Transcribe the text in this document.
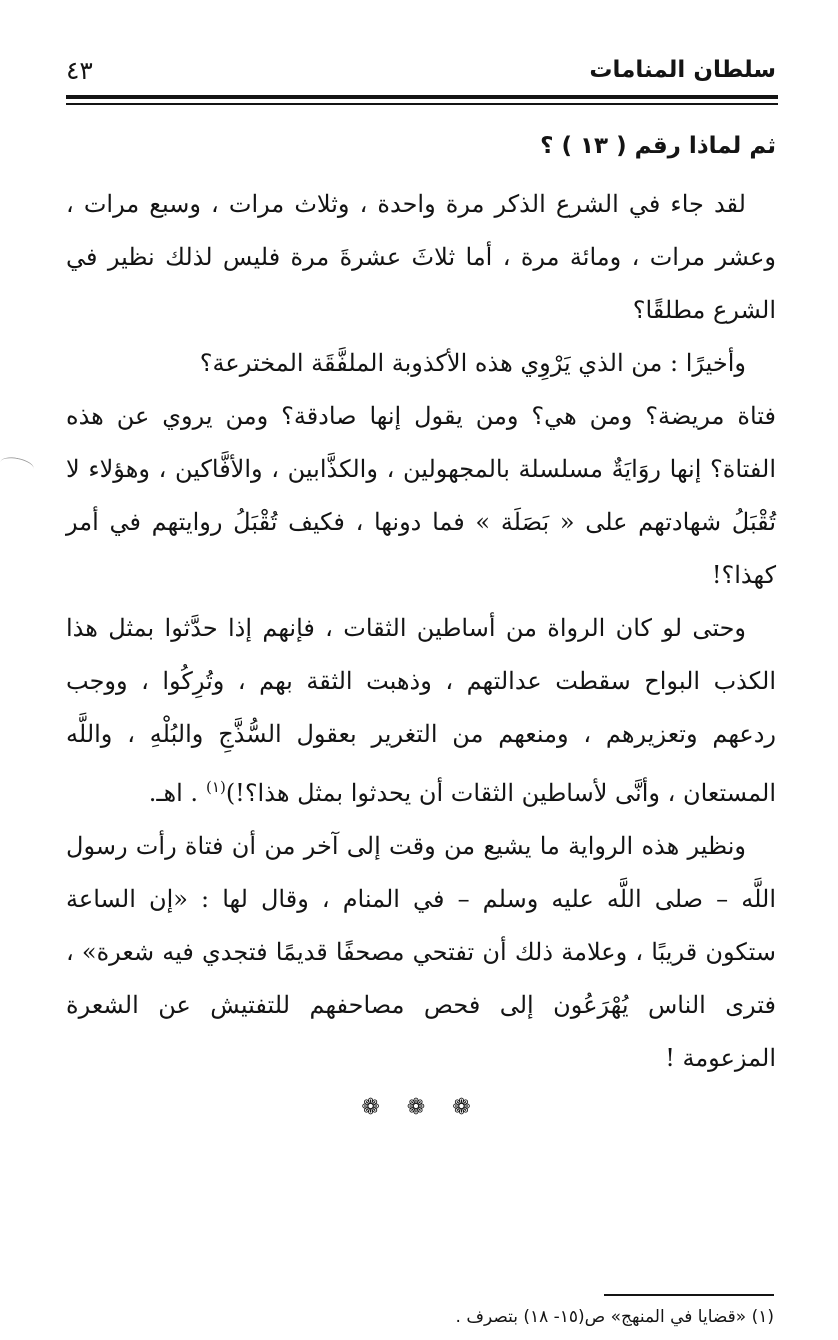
سلطان المنامات
٤٣
ثم لماذا رقم ( ١٣ ) ؟

لقد جاء في الشرع الذكر مرة واحدة ، وثلاث مرات ، وسبع مرات ، وعشر مرات ، ومائة مرة ، أما ثلاثَ عشرةَ مرة فليس لذلك نظير في الشرع مطلقًا؟

وأخيرًا : من الذي يَرْوِي هذه الأكذوبة الملفَّقَة المخترعة؟

فتاة مريضة؟ ومن هي؟ ومن يقول إنها صادقة؟ ومن يروي عن هذه الفتاة؟ إنها روَايَةٌ مسلسلة بالمجهولين ، والكذَّابين ، والأفَّاكين ، وهؤلاء لا تُقْبَلُ شهادتهم على « بَصَلَة » فما دونها ، فكيف تُقْبَلُ روايتهم في أمر كهذا؟!

وحتى لو كان الرواة من أساطين الثقات ، فإنهم إذا حدَّثوا بمثل هذا الكذب البواح سقطت عدالتهم ، وذهبت الثقة بهم ، وتُرِكُوا ، ووجب ردعهم وتعزيرهم ، ومنعهم من التغرير بعقول السُّذَّجِ والبُلْهِ ، واللَّه المستعان ، وأنَّى لأساطين الثقات أن يحدثوا بمثل هذا؟!)$^{(١)}$. اهـ.

ونظير هذه الرواية ما يشيع من وقت إلى آخر من أن فتاة رأت رسول اللَّه – صلى اللَّه عليه وسلم – في المنام ، وقال لها : «إن الساعة ستكون قريبًا ، وعلامة ذلك أن تفتحي مصحفًا قديمًا فتجدي فيه شعرة» ، فترى الناس يُهْرَعُون إلى فحص مصاحفهم للتفتيش عن الشعرة المزعومة !

❁ ❁ ❁
(١) «قضايا في المنهج» ص(١٥- ١٨) بتصرف .
